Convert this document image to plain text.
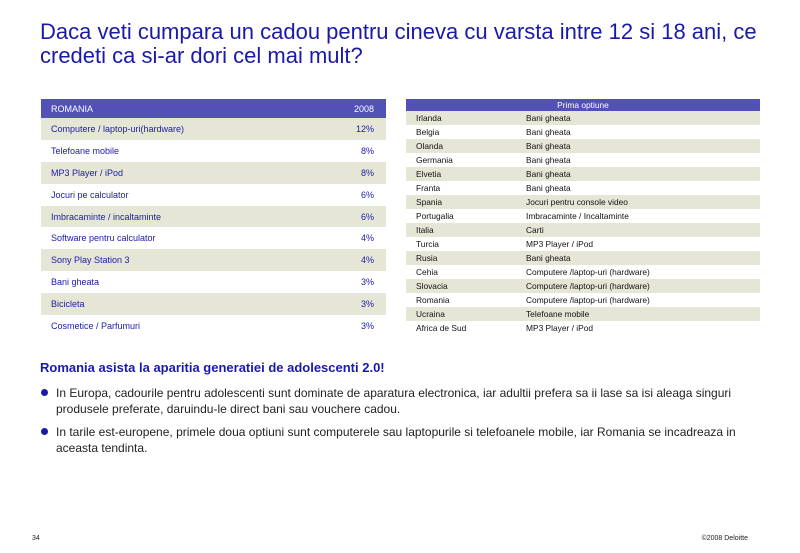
Daca veti cumpara un cadou pentru cineva cu varsta intre 12 si 18 ani, ce credeti ca si-ar dori cel mai mult?
ROMANIA	2008
Computere / laptop-uri(hardware)	12%
Telefoane mobile	8%
MP3 Player / iPod	8%
Jocuri pe calculator	6%
Imbracaminte / incaltaminte	6%
Software pentru calculator	4%
Sony Play Station 3	4%
Bani gheata	3%
Bicicleta	3%
Cosmetice / Parfumuri	3%
Prima optiune	
Irlanda	Bani gheata
Belgia	Bani gheata
Olanda	Bani gheata
Germania	Bani gheata
Elvetia	Bani gheata
Franta	Bani gheata
Spania	Jocuri pentru console video
Portugalia	Imbracaminte / Incaltaminte
Italia	Carti
Turcia	MP3 Player / iPod
Rusia	Bani gheata
Cehia	Computere /laptop-uri (hardware)
Slovacia	Computere /laptop-uri (hardware)
Romania	Computere /laptop-uri (hardware)
Ucraina	Telefoane mobile
Africa de Sud	MP3 Player / iPod
Romania asista la aparitia generatiei de adolescenti 2.0!
In Europa, cadourile pentru adolescenti sunt dominate de aparatura electronica, iar adultii prefera sa ii lase sa isi aleaga singuri produsele preferate, daruindu-le direct bani sau vouchere cadou.
In tarile est-europene, primele doua optiuni sunt computerele sau laptopurile si telefoanele mobile, iar Romania se incadreaza in aceasta tendinta.
34	©2008 Deloitte
